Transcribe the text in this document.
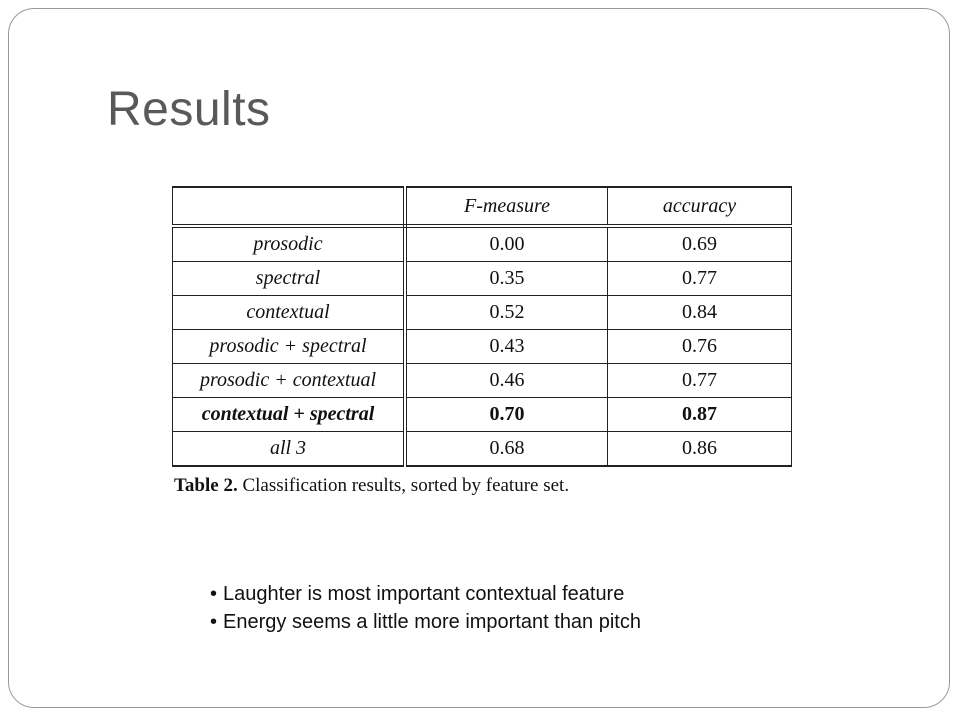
Results
	F-measure	accuracy
prosodic	0.00	0.69
spectral	0.35	0.77
contextual	0.52	0.84
prosodic + spectral	0.43	0.76
prosodic + contextual	0.46	0.77
contextual + spectral	0.70	0.87
all 3	0.68	0.86
Table 2. Classification results, sorted by feature set.
• Laughter is most important contextual feature
• Energy seems a little more important than pitch
